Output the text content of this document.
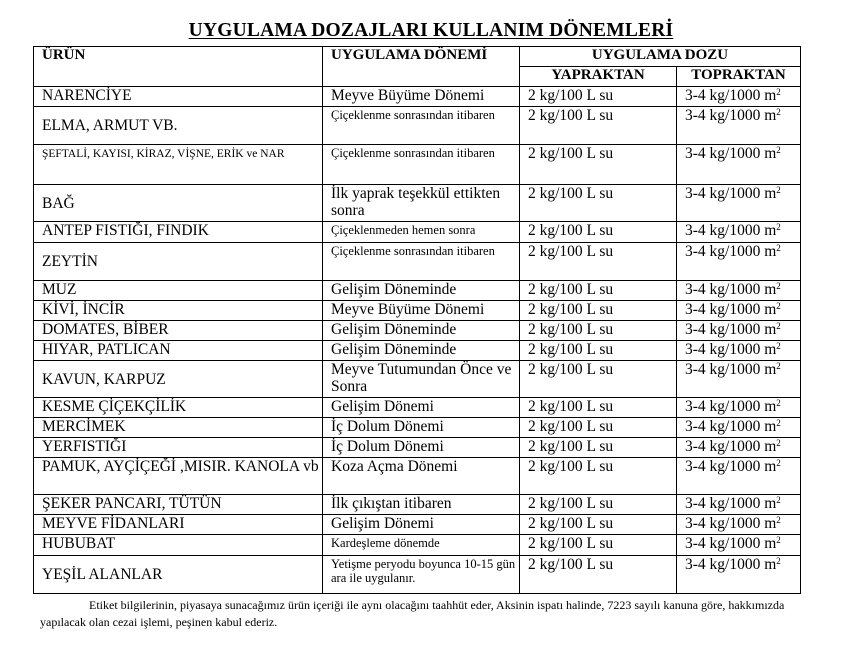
UYGULAMA DOZAJLARI KULLANIM DÖNEMLERİ
ÜRÜN	UYGULAMA DÖNEMİ	UYGULAMA DOZU	
		YAPRAKTAN	TOPRAKTAN
NARENCİYE	Meyve Büyüme Dönemi	2 kg/100 L su	3-4 kg/1000 $m^2$
ELMA, ARMUT VB.	Çiçeklenme sonrasından itibaren	2 kg/100 L su	3-4 kg/1000 $m^2$
ŞEFTALİ, KAYISI, KİRAZ, VİŞNE, ERİK ve NAR	Çiçeklenme sonrasından itibaren	2 kg/100 L su	3-4 kg/1000 $m^2$
BAĞ	İlk yaprak teşekkül ettikten sonra	2 kg/100 L su	3-4 kg/1000 $m^2$
ANTEP FISTIĞI, FINDIK	Çiçeklenmeden hemen sonra	2 kg/100 L su	3-4 kg/1000 $m^2$
ZEYTİN	Çiçeklenme sonrasından itibaren	2 kg/100 L su	3-4 kg/1000 $m^2$
MUZ	Gelişim Döneminde	2 kg/100 L su	3-4 kg/1000 $m^2$
KİVİ, İNCİR	Meyve Büyüme Dönemi	2 kg/100 L su	3-4 kg/1000 $m^2$
DOMATES, BİBER	Gelişim Döneminde	2 kg/100 L su	3-4 kg/1000 $m^2$
HIYAR, PATLICAN	Gelişim Döneminde	2 kg/100 L su	3-4 kg/1000 $m^2$
KAVUN, KARPUZ	Meyve Tutumundan Önce ve Sonra	2 kg/100 L su	3-4 kg/1000 $m^2$
KESME ÇİÇEKÇİLİK	Gelişim Dönemi	2 kg/100 L su	3-4 kg/1000 $m^2$
MERCİMEK	İç Dolum Dönemi	2 kg/100 L su	3-4 kg/1000 $m^2$
YERFISTIĞI	İç Dolum Dönemi	2 kg/100 L su	3-4 kg/1000 $m^2$
PAMUK, AYÇİÇEĞİ ,MISIR. KANOLA vb	Koza Açma Dönemi	2 kg/100 L su	3-4 kg/1000 $m^2$
ŞEKER PANCARI, TÜTÜN	İlk çıkıştan itibaren	2 kg/100 L su	3-4 kg/1000 $m^2$
MEYVE FİDANLARI	Gelişim Dönemi	2 kg/100 L su	3-4 kg/1000 $m^2$
HUBUBAT	Kardeşleme dönemde	2 kg/100 L su	3-4 kg/1000 $m^2$
YEŞİL ALANLAR	Yetişme peryodu boyunca 10-15 gün ara ile uygulanır.	2 kg/100 L su	3-4 kg/1000 $m^2$
Etiket bilgilerinin, piyasaya sunacağımız ürün içeriği ile aynı olacağını taahhüt eder, Aksinin ispatı halinde, 7223 sayılı kanuna göre, hakkımızda yapılacak olan cezai işlemi, peşinen kabul ederiz.
